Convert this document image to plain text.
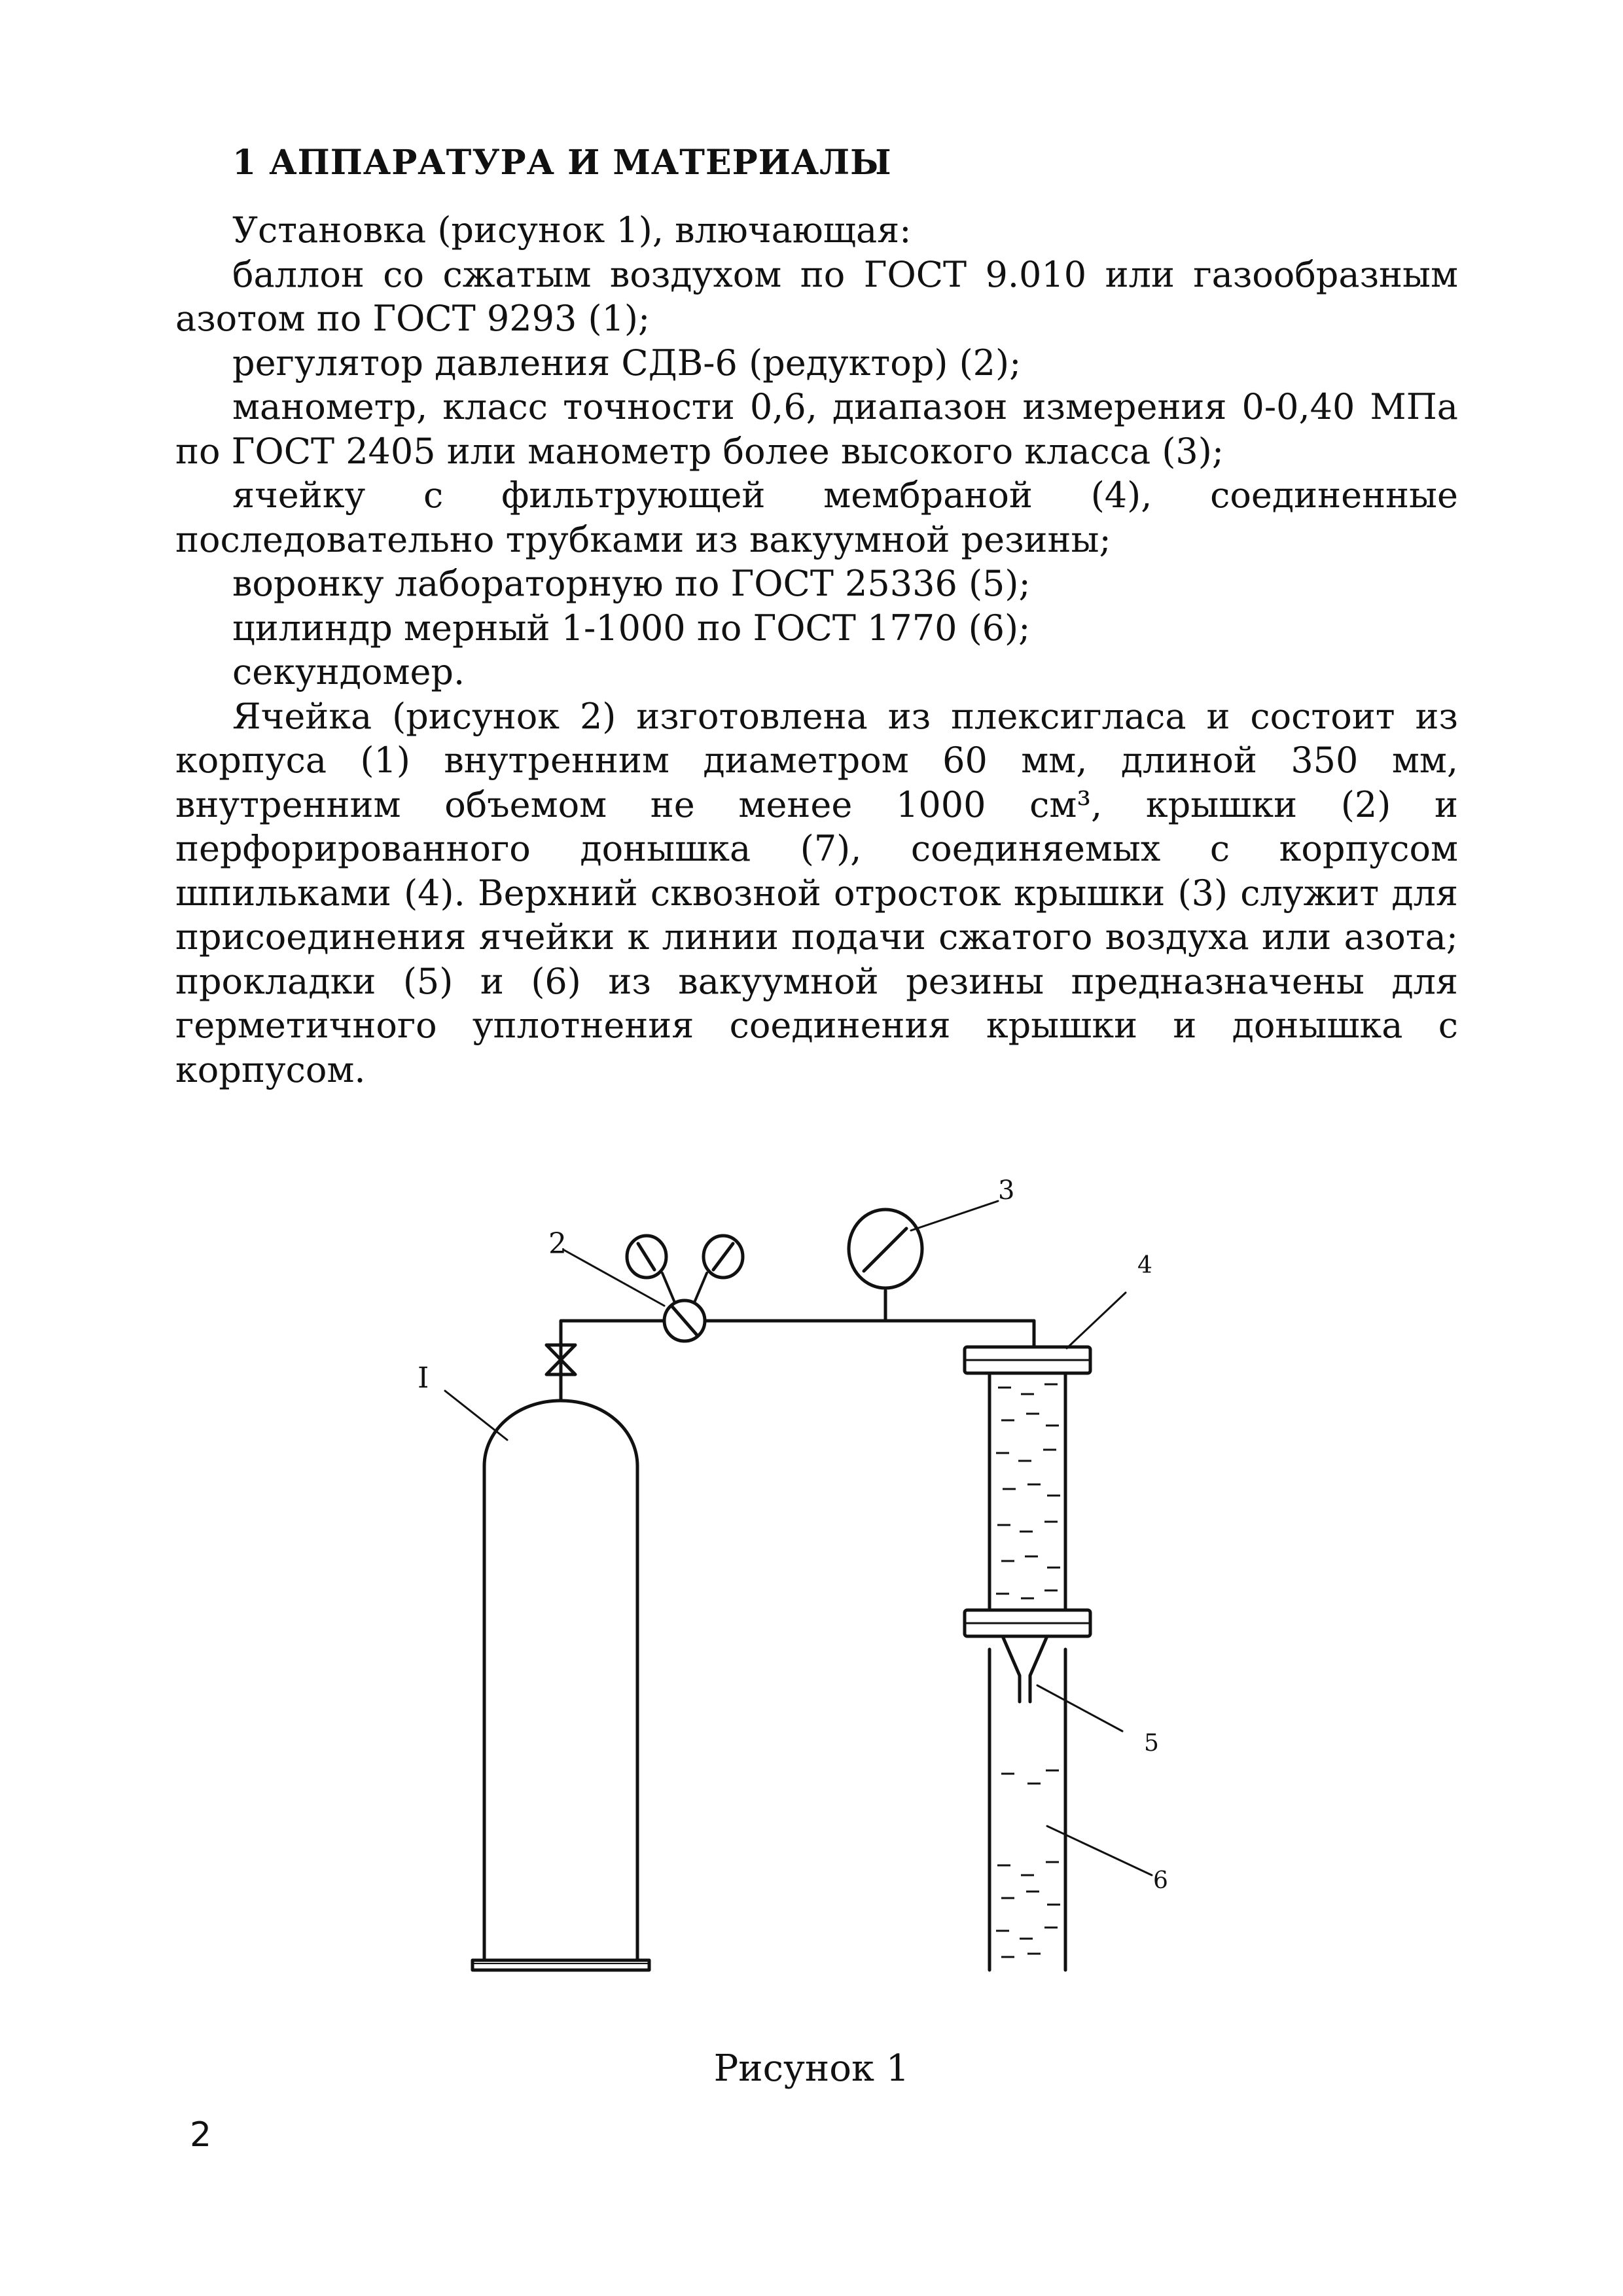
1 АППАРАТУРА И МАТЕРИАЛЫ

Установка (рисунок 1), влючающая:

баллон со сжатым воздухом по ГОСТ 9.010 или газообразным азотом по ГОСТ 9293 (1);

регулятор давления СДВ-6 (редуктор) (2);

манометр, класс точности 0,6, диапазон измерения 0-0,40 МПа по ГОСТ 2405 или манометр более высокого класса (3);

ячейку с фильтрующей мембраной (4), соединенные последовательно трубками из вакуумной резины;

воронку лабораторную по ГОСТ 25336 (5);

цилиндр мерный 1-1000 по ГОСТ 1770 (6);

секундомер.

Ячейка (рисунок 2) изготовлена из плексигласа и состоит из корпуса (1) внутренним диаметром 60 мм, длиной 350 мм, внутренним объемом не менее 1000 см³, крышки (2) и перфорированного донышка (7), соединяемых с корпусом шпильками (4). Верхний сквозной отросток крышки (3) служит для присоединения ячейки к линии подачи сжатого воздуха или азота; прокладки (5) и (6) из вакуумной резины предназначены для герметичного уплотнения соединения крышки и донышка с корпусом.

I
2
3
4
5
6
Рисунок 1
2
